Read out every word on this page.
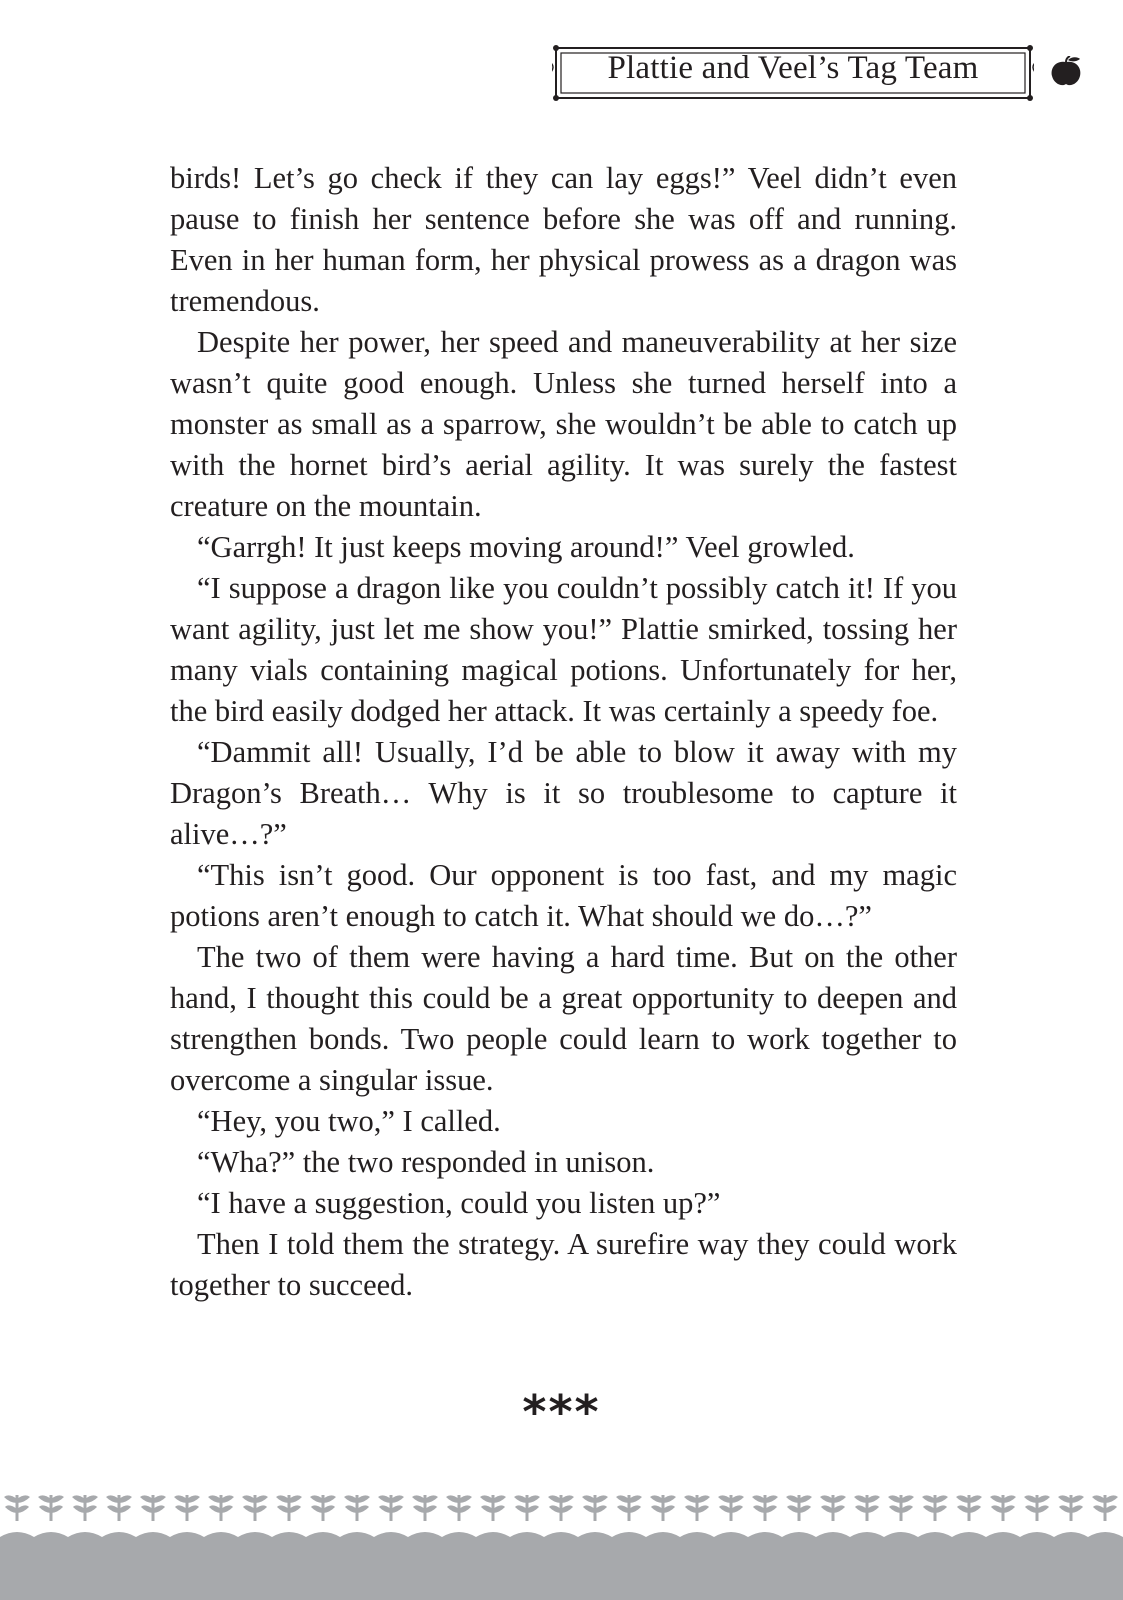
Plattie and Veel’s Tag Team

birds! Let’s go check if they can lay eggs!” Veel didn’t even pause to finish her sentence before she was off and running. Even in her human form, her physical prowess as a dragon was tremendous.

Despite her power, her speed and maneuverability at her size wasn’t quite good enough. Unless she turned herself into a monster as small as a sparrow, she wouldn’t be able to catch up with the hornet bird’s aerial agility. It was surely the fastest creature on the mountain.

“Garrgh! It just keeps moving around!” Veel growled.

“I suppose a dragon like you couldn’t possibly catch it! If you want agility, just let me show you!” Plattie smirked, tossing her many vials containing magical potions. Unfortunately for her, the bird easily dodged her attack. It was certainly a speedy foe.

“Dammit all! Usually, I’d be able to blow it away with my Dragon’s Breath… Why is it so troublesome to capture it alive…?”

“This isn’t good. Our opponent is too fast, and my magic potions aren’t enough to catch it. What should we do…?”

The two of them were having a hard time. But on the other hand, I thought this could be a great opportunity to deepen and strengthen bonds. Two people could learn to work together to overcome a singular issue.

“Hey, you two,” I called.

“Wha?” the two responded in unison.

“I have a suggestion, could you listen up?”

Then I told them the strategy. A surefire way they could work together to succeed.

***
